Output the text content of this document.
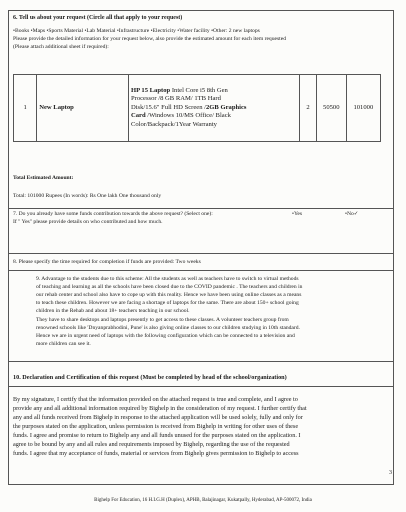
6. Tell us about your request (Circle all that apply to your request)
•Books •Maps •Sports Material •Lab Material •Infrastructure •Electricity •Water facility •Other: 2 new laptops
Please provide the detailed information for your request below, also provide the estimated amount for each item requested
(Please attach additional sheet if required):
1	New Laptop	HP 15 Laptop Intel Core i5 8th Gen
Processor /8 GB RAM/ 1TB Hard
Disk/15.6" Full HD Screen /2GB Graphics
Card /Windows 10/MS Office/ Black
Color/Backpack/1Year Warranty	2	50500	101000
Total Estimated Amount:
Total: 101000 Rupees (In words): Rs One lakh One thousand only
7. Do you already have some funds contribution towards the above request? (Select one):	•Yes	•No✓
If " Yes" please provide details on who contributed and how much.
8. Please specify the time required for completion if funds are provided: Two weeks
9. Advantage to the students due to this scheme: All the students as well as teachers have to switch to virtual methods
of teaching and learning as all the schools have been closed due to the COVID pandemic . The teachers and children in
our rehab center and school also have to cope up with this reality. Hence we have been using online classes as a means
to teach these children. However we are facing a shortage of laptops for the same. There are about 150+ school going
children in the Rehab and about 18+ teachers teaching in our school.
They have to share desktops and laptops presently to get access to these classes. A volunteer teachers group from
renowned schools like 'Dnyanprabhodini, Pune' is also giving online classes to our children studying in 10th standard.
Hence we are in urgent need of laptops with the following configuration which can be connected to a television and
more children can see it.
10. Declaration and Certification of this request (Must be completed by head of the school/organization)
By my signature, I certify that the information provided on the attached request is true and complete, and I agree to
provide any and all additional information required by Bighelp in the consideration of my request. I further certify that
any and all funds received from Bighelp in response to the attached application will be used solely, fully and only for
the purposes stated on the application, unless permission is received from Bighelp in writing for other uses of these
funds. I agree and promise to return to Bighelp any and all funds unused for the purposes stated on the application. I
agree to be bound by any and all rules and requirements imposed by Bighelp, regarding the use of the requested
funds. I agree that my acceptance of funds, material or services from Bighelp gives permission to Bighelp to access
3
Bighelp For Education, 16 H.I.G.H (Duplex), APHB, Balajinagar, Kukatpally, Hyderabad, AP-500072, India
